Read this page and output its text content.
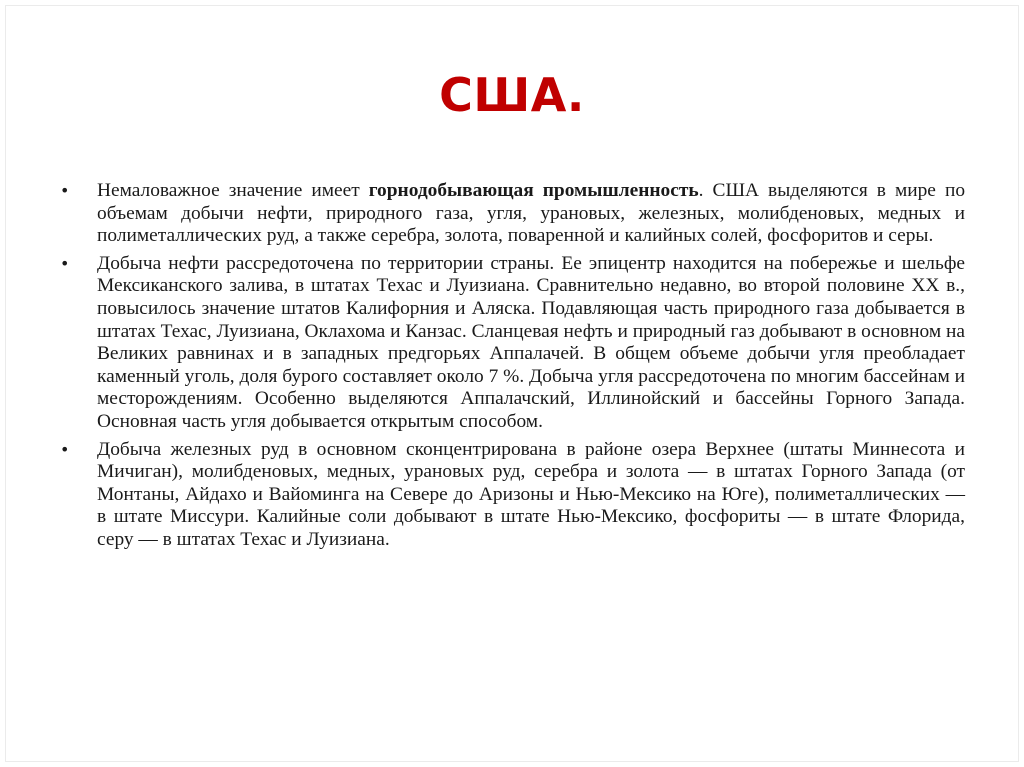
США.
•	Немаловажное значение имеет горнодобывающая промышленность. США выделяются в мире по объемам добычи нефти, природного газа, угля, урановых, железных, молибденовых, медных и полиметаллических руд, а также серебра, золота, поваренной и калийных солей, фосфоритов и серы.
•	Добыча нефти рассредоточена по территории страны. Ее эпицентр находится на побережье и шельфе Мексиканского залива, в штатах Техас и Луизиана. Сравнительно недавно, во второй половине XX в., повысилось значение штатов Калифорния и Аляска. Подавляющая часть природного газа добывается в штатах Техас, Луизиана, Оклахома и Канзас. Сланцевая нефть и природный газ добывают в основном на Великих равнинах и в западных предгорьях Аппалачей. В общем объеме добычи угля преобладает каменный уголь, доля бурого составляет около 7 %. Добыча угля рассредоточена по многим бассейнам и месторождениям. Особенно выделяются Аппалачский, Иллинойский и бассейны Горного Запада. Основная часть угля добывается открытым способом.
•	Добыча железных руд в основном сконцентрирована в районе озера Верхнее (штаты Миннесота и Мичиган), молибденовых, медных, урановых руд, серебра и золота — в штатах Горного Запада (от Монтаны, Айдахо и Вайоминга на Севере до Аризоны и Нью-Мексико на Юге), полиметаллических — в штате Миссури. Калийные соли добывают в штате Нью-Мексико, фосфориты — в штате Флорида, серу — в штатах Техас и Луизиана.
